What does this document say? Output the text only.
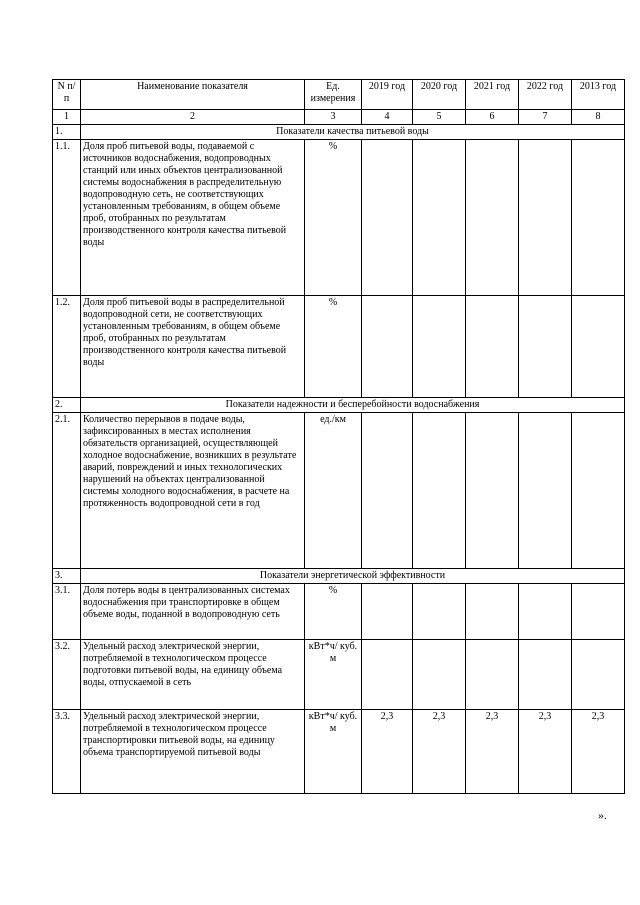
N п/п	Наименование показателя	Ед. измерения	2019 год	2020 год	2021 год	2022 год	2013 год
1	2	3	4	5	6	7	8
1.	Показатели качества питьевой воды						
1.1.	Доля проб питьевой воды, подаваемой с источников водоснабжения, водопроводных станций или иных объектов централизованной системы водоснабжения в распределительную водопроводную сеть, не соответствующих установленным требованиям, в общем объеме проб, отобранных по результатам производственного контроля качества питьевой воды	%					
1.2.	Доля проб питьевой воды в распределительной водопроводной сети, не соответствующих установленным требованиям, в общем объеме проб, отобранных по результатам производственного контроля качества питьевой воды	%					
2.	Показатели надежности и бесперебойности водоснабжения						
2.1.	Количество перерывов в подаче воды, зафиксированных в местах исполнения обязательств организацией, осуществляющей холодное водоснабжение, возникших в результате аварий, повреждений и иных технологических нарушений на объектах централизованной системы холодного водоснабжения, в расчете на протяженность водопроводной сети в год	ед./км					
3.	Показатели энергетической эффективности						
3.1.	Доля потерь воды в централизованных системах водоснабжения при транспортировке в общем объеме воды, поданной в водопроводную сеть	%					
3.2.	Удельный расход электрической энергии, потребляемой в технологическом процессе подготовки питьевой воды, на единицу объема воды, отпускаемой в сеть	кВт*ч/ куб. м					
3.3.	Удельный расход электрической энергии, потребляемой в технологическом процессе транспортировки питьевой воды, на единицу объема транспортируемой питьевой воды	кВт*ч/ куб. м	2,3	2,3	2,3	2,3	2,3
».
